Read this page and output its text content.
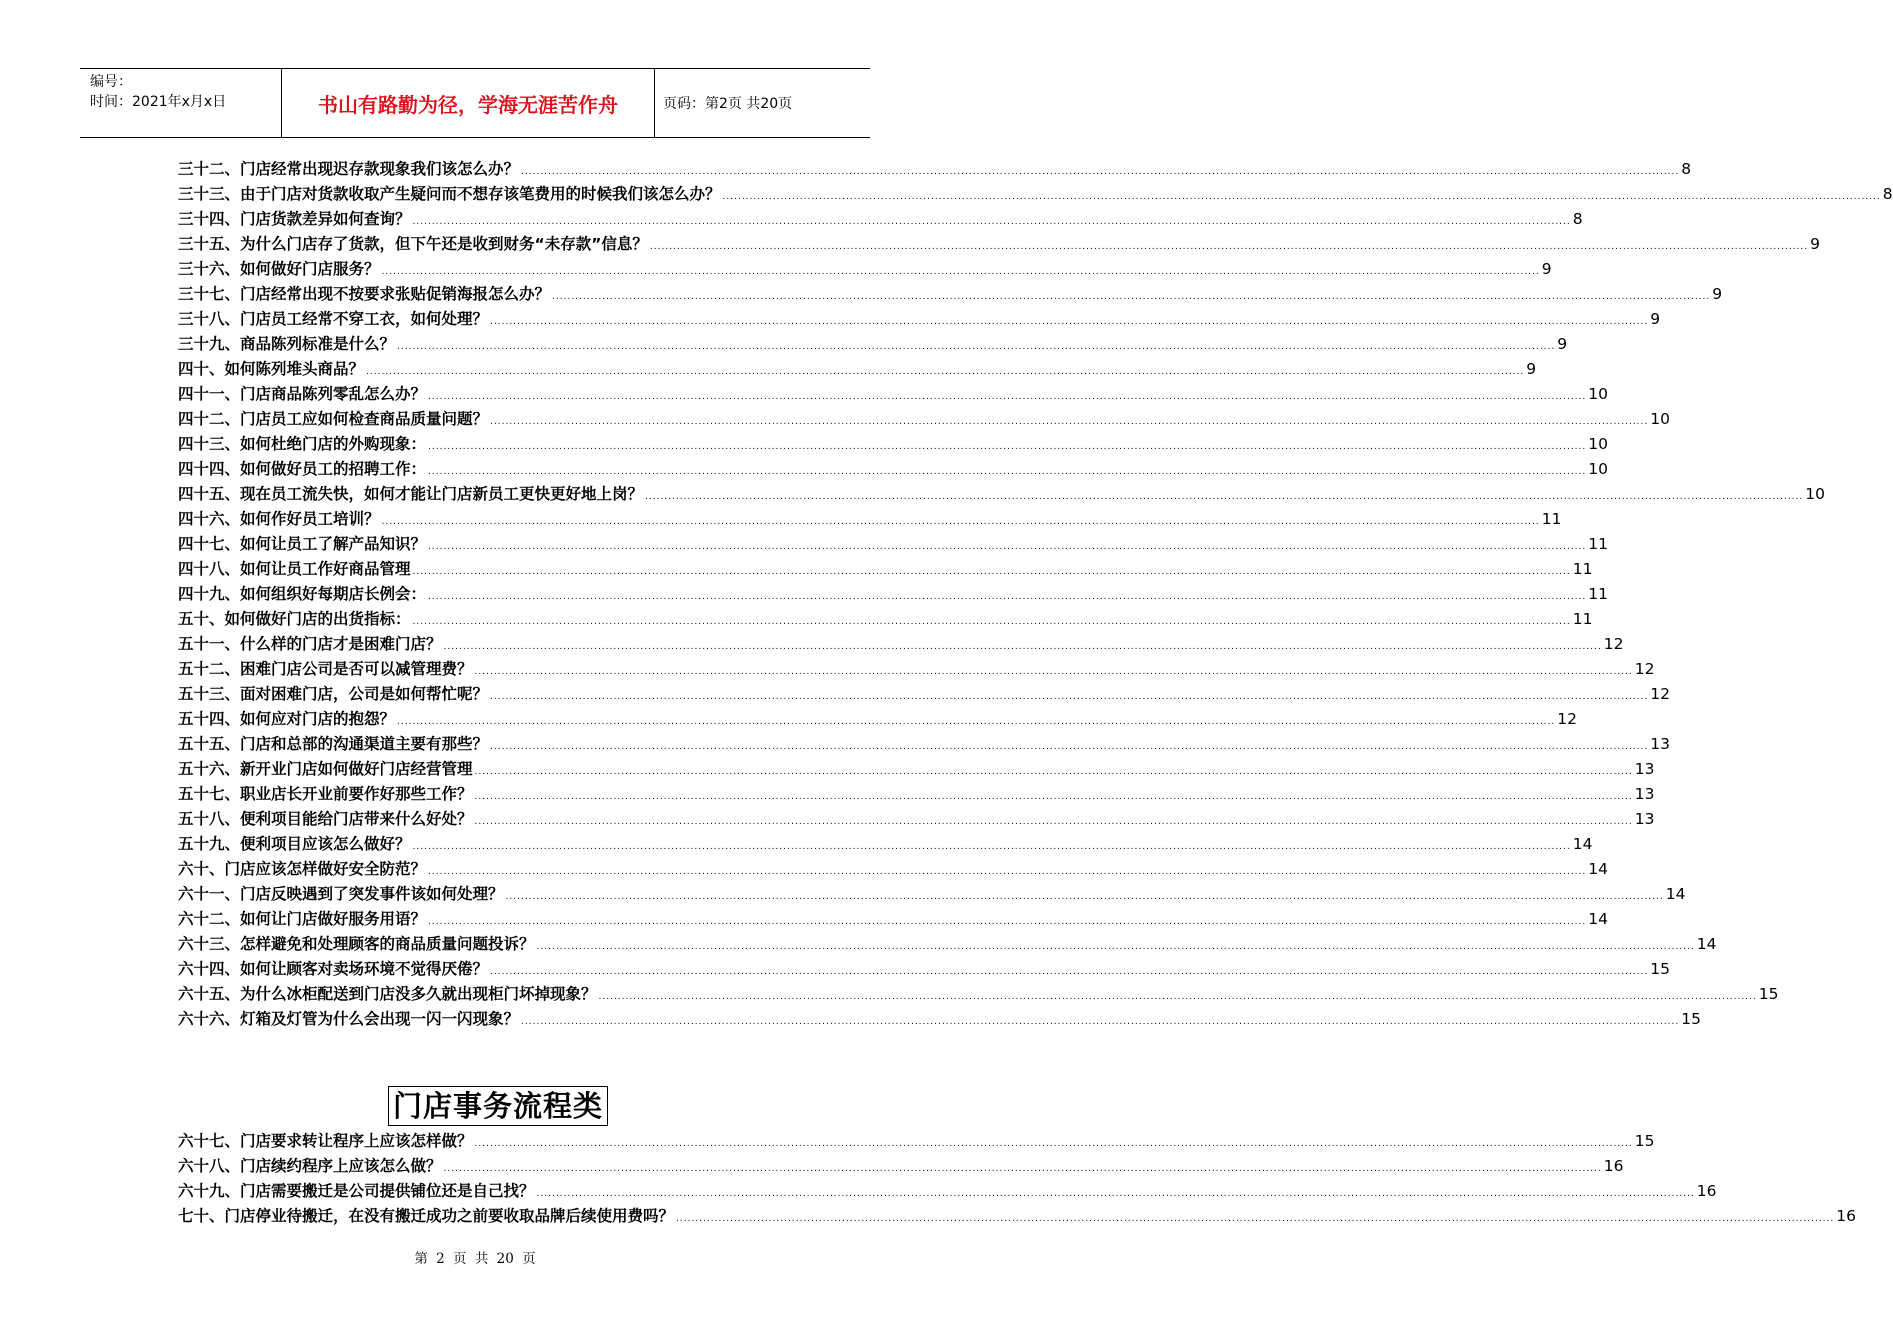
编号：
时间：2021年x月x日	书山有路勤为径，学海无涯苦作舟	页码：第2页 共20页
三十二、门店经常出现迟存款现象我们该怎么办？ ............................................................................................................................................................................................................................................................................................................ 8
三十三、由于门店对货款收取产生疑问而不想存该笔费用的时候我们该怎么办？ ............................................................................................................................................................................................................................................................................................................ 8
三十四、门店货款差异如何查询？ ............................................................................................................................................................................................................................................................................................................ 8
三十五、为什么门店存了货款，但下午还是收到财务“未存款”信息？ ............................................................................................................................................................................................................................................................................................................ 9
三十六、如何做好门店服务？ ............................................................................................................................................................................................................................................................................................................ 9
三十七、门店经常出现不按要求张贴促销海报怎么办？ ............................................................................................................................................................................................................................................................................................................ 9
三十八、门店员工经常不穿工衣，如何处理？ ............................................................................................................................................................................................................................................................................................................ 9
三十九、商品陈列标准是什么？ ............................................................................................................................................................................................................................................................................................................ 9
四十、如何陈列堆头商品？ ............................................................................................................................................................................................................................................................................................................ 9
四十一、门店商品陈列零乱怎么办？ ............................................................................................................................................................................................................................................................................................................ 10
四十二、门店员工应如何检查商品质量问题？ ............................................................................................................................................................................................................................................................................................................ 10
四十三、如何杜绝门店的外购现象： ............................................................................................................................................................................................................................................................................................................ 10
四十四、如何做好员工的招聘工作： ............................................................................................................................................................................................................................................................................................................ 10
四十五、现在员工流失快，如何才能让门店新员工更快更好地上岗？ ............................................................................................................................................................................................................................................................................................................ 10
四十六、如何作好员工培训？ ............................................................................................................................................................................................................................................................................................................ 11
四十七、如何让员工了解产品知识？ ............................................................................................................................................................................................................................................................................................................ 11
四十八、如何让员工作好商品管理 ............................................................................................................................................................................................................................................................................................................ 11
四十九、如何组织好每期店长例会： ............................................................................................................................................................................................................................................................................................................ 11
五十、如何做好门店的出货指标： ............................................................................................................................................................................................................................................................................................................ 11
五十一、什么样的门店才是困难门店？ ............................................................................................................................................................................................................................................................................................................ 12
五十二、困难门店公司是否可以减管理费？ ............................................................................................................................................................................................................................................................................................................ 12
五十三、面对困难门店，公司是如何帮忙呢？ ............................................................................................................................................................................................................................................................................................................ 12
五十四、如何应对门店的抱怨？ ............................................................................................................................................................................................................................................................................................................ 12
五十五、门店和总部的沟通渠道主要有那些？ ............................................................................................................................................................................................................................................................................................................ 13
五十六、新开业门店如何做好门店经营管理 ............................................................................................................................................................................................................................................................................................................ 13
五十七、职业店长开业前要作好那些工作？ ............................................................................................................................................................................................................................................................................................................ 13
五十八、便利项目能给门店带来什么好处？ ............................................................................................................................................................................................................................................................................................................ 13
五十九、便利项目应该怎么做好？ ............................................................................................................................................................................................................................................................................................................ 14
六十、门店应该怎样做好安全防范？ ............................................................................................................................................................................................................................................................................................................ 14
六十一、门店反映遇到了突发事件该如何处理？ ............................................................................................................................................................................................................................................................................................................ 14
六十二、如何让门店做好服务用语？ ............................................................................................................................................................................................................................................................................................................ 14
六十三、怎样避免和处理顾客的商品质量问题投诉？ ............................................................................................................................................................................................................................................................................................................ 14
六十四、如何让顾客对卖场环境不觉得厌倦？ ............................................................................................................................................................................................................................................................................................................ 15
六十五、为什么冰柜配送到门店没多久就出现柜门坏掉现象？ ............................................................................................................................................................................................................................................................................................................ 15
六十六、灯箱及灯管为什么会出现一闪一闪现象？ ............................................................................................................................................................................................................................................................................................................ 15
门店事务流程类
六十七、门店要求转让程序上应该怎样做？ ............................................................................................................................................................................................................................................................................................................ 15
六十八、门店续约程序上应该怎么做？ ............................................................................................................................................................................................................................................................................................................ 16
六十九、门店需要搬迁是公司提供铺位还是自己找？ ............................................................................................................................................................................................................................................................................................................ 16
七十、门店停业待搬迁，在没有搬迁成功之前要收取品牌后续使用费吗？ ............................................................................................................................................................................................................................................................................................................ 16
第 2 页 共 20 页
